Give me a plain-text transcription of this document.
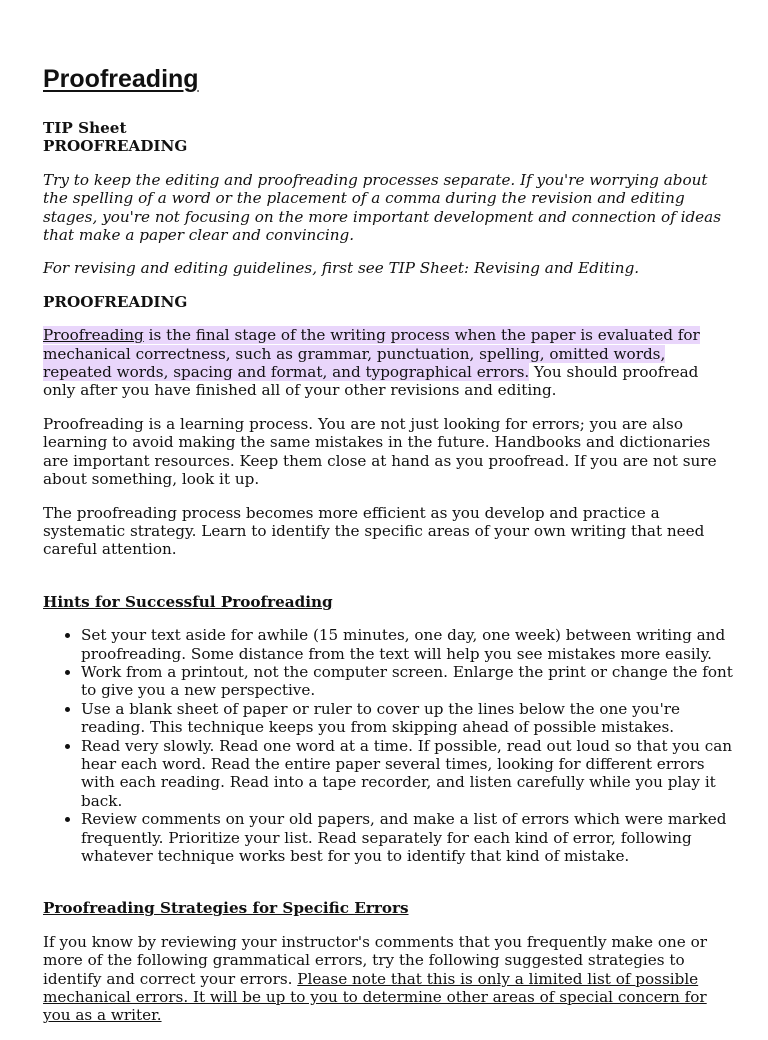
Proofreading
TIP Sheet
PROOFREADING

Try to keep the editing and proofreading processes separate. If you're worrying about the spelling of a word or the placement of a comma during the revision and editing stages, you're not focusing on the more important development and connection of ideas that make a paper clear and convincing.

For revising and editing guidelines, first see TIP Sheet: Revising and Editing.

PROOFREADING

Proofreading is the final stage of the writing process when the paper is evaluated for mechanical correctness, such as grammar, punctuation, spelling, omitted words, repeated words, spacing and format, and typographical errors. You should proofread only after you have finished all of your other revisions and editing.

Proofreading is a learning process. You are not just looking for errors; you are also learning to avoid making the same mistakes in the future. Handbooks and dictionaries are important resources. Keep them close at hand as you proofread. If you are not sure about something, look it up.

The proofreading process becomes more efficient as you develop and practice a systematic strategy. Learn to identify the specific areas of your own writing that need careful attention.

Hints for Successful Proofreading

• Set your text aside for awhile (15 minutes, one day, one week) between writing and proofreading. Some distance from the text will help you see mistakes more easily.
• Work from a printout, not the computer screen. Enlarge the print or change the font to give you a new perspective.
• Use a blank sheet of paper or ruler to cover up the lines below the one you're reading. This technique keeps you from skipping ahead of possible mistakes.
• Read very slowly. Read one word at a time. If possible, read out loud so that you can hear each word. Read the entire paper several times, looking for different errors with each reading. Read into a tape recorder, and listen carefully while you play it back.
• Review comments on your old papers, and make a list of errors which were marked frequently. Prioritize your list. Read separately for each kind of error, following whatever technique works best for you to identify that kind of mistake.

Proofreading Strategies for Specific Errors

If you know by reviewing your instructor's comments that you frequently make one or more of the following grammatical errors, try the following suggested strategies to identify and correct your errors. Please note that this is only a limited list of possible mechanical errors. It will be up to you to determine other areas of special concern for you as a writer.
